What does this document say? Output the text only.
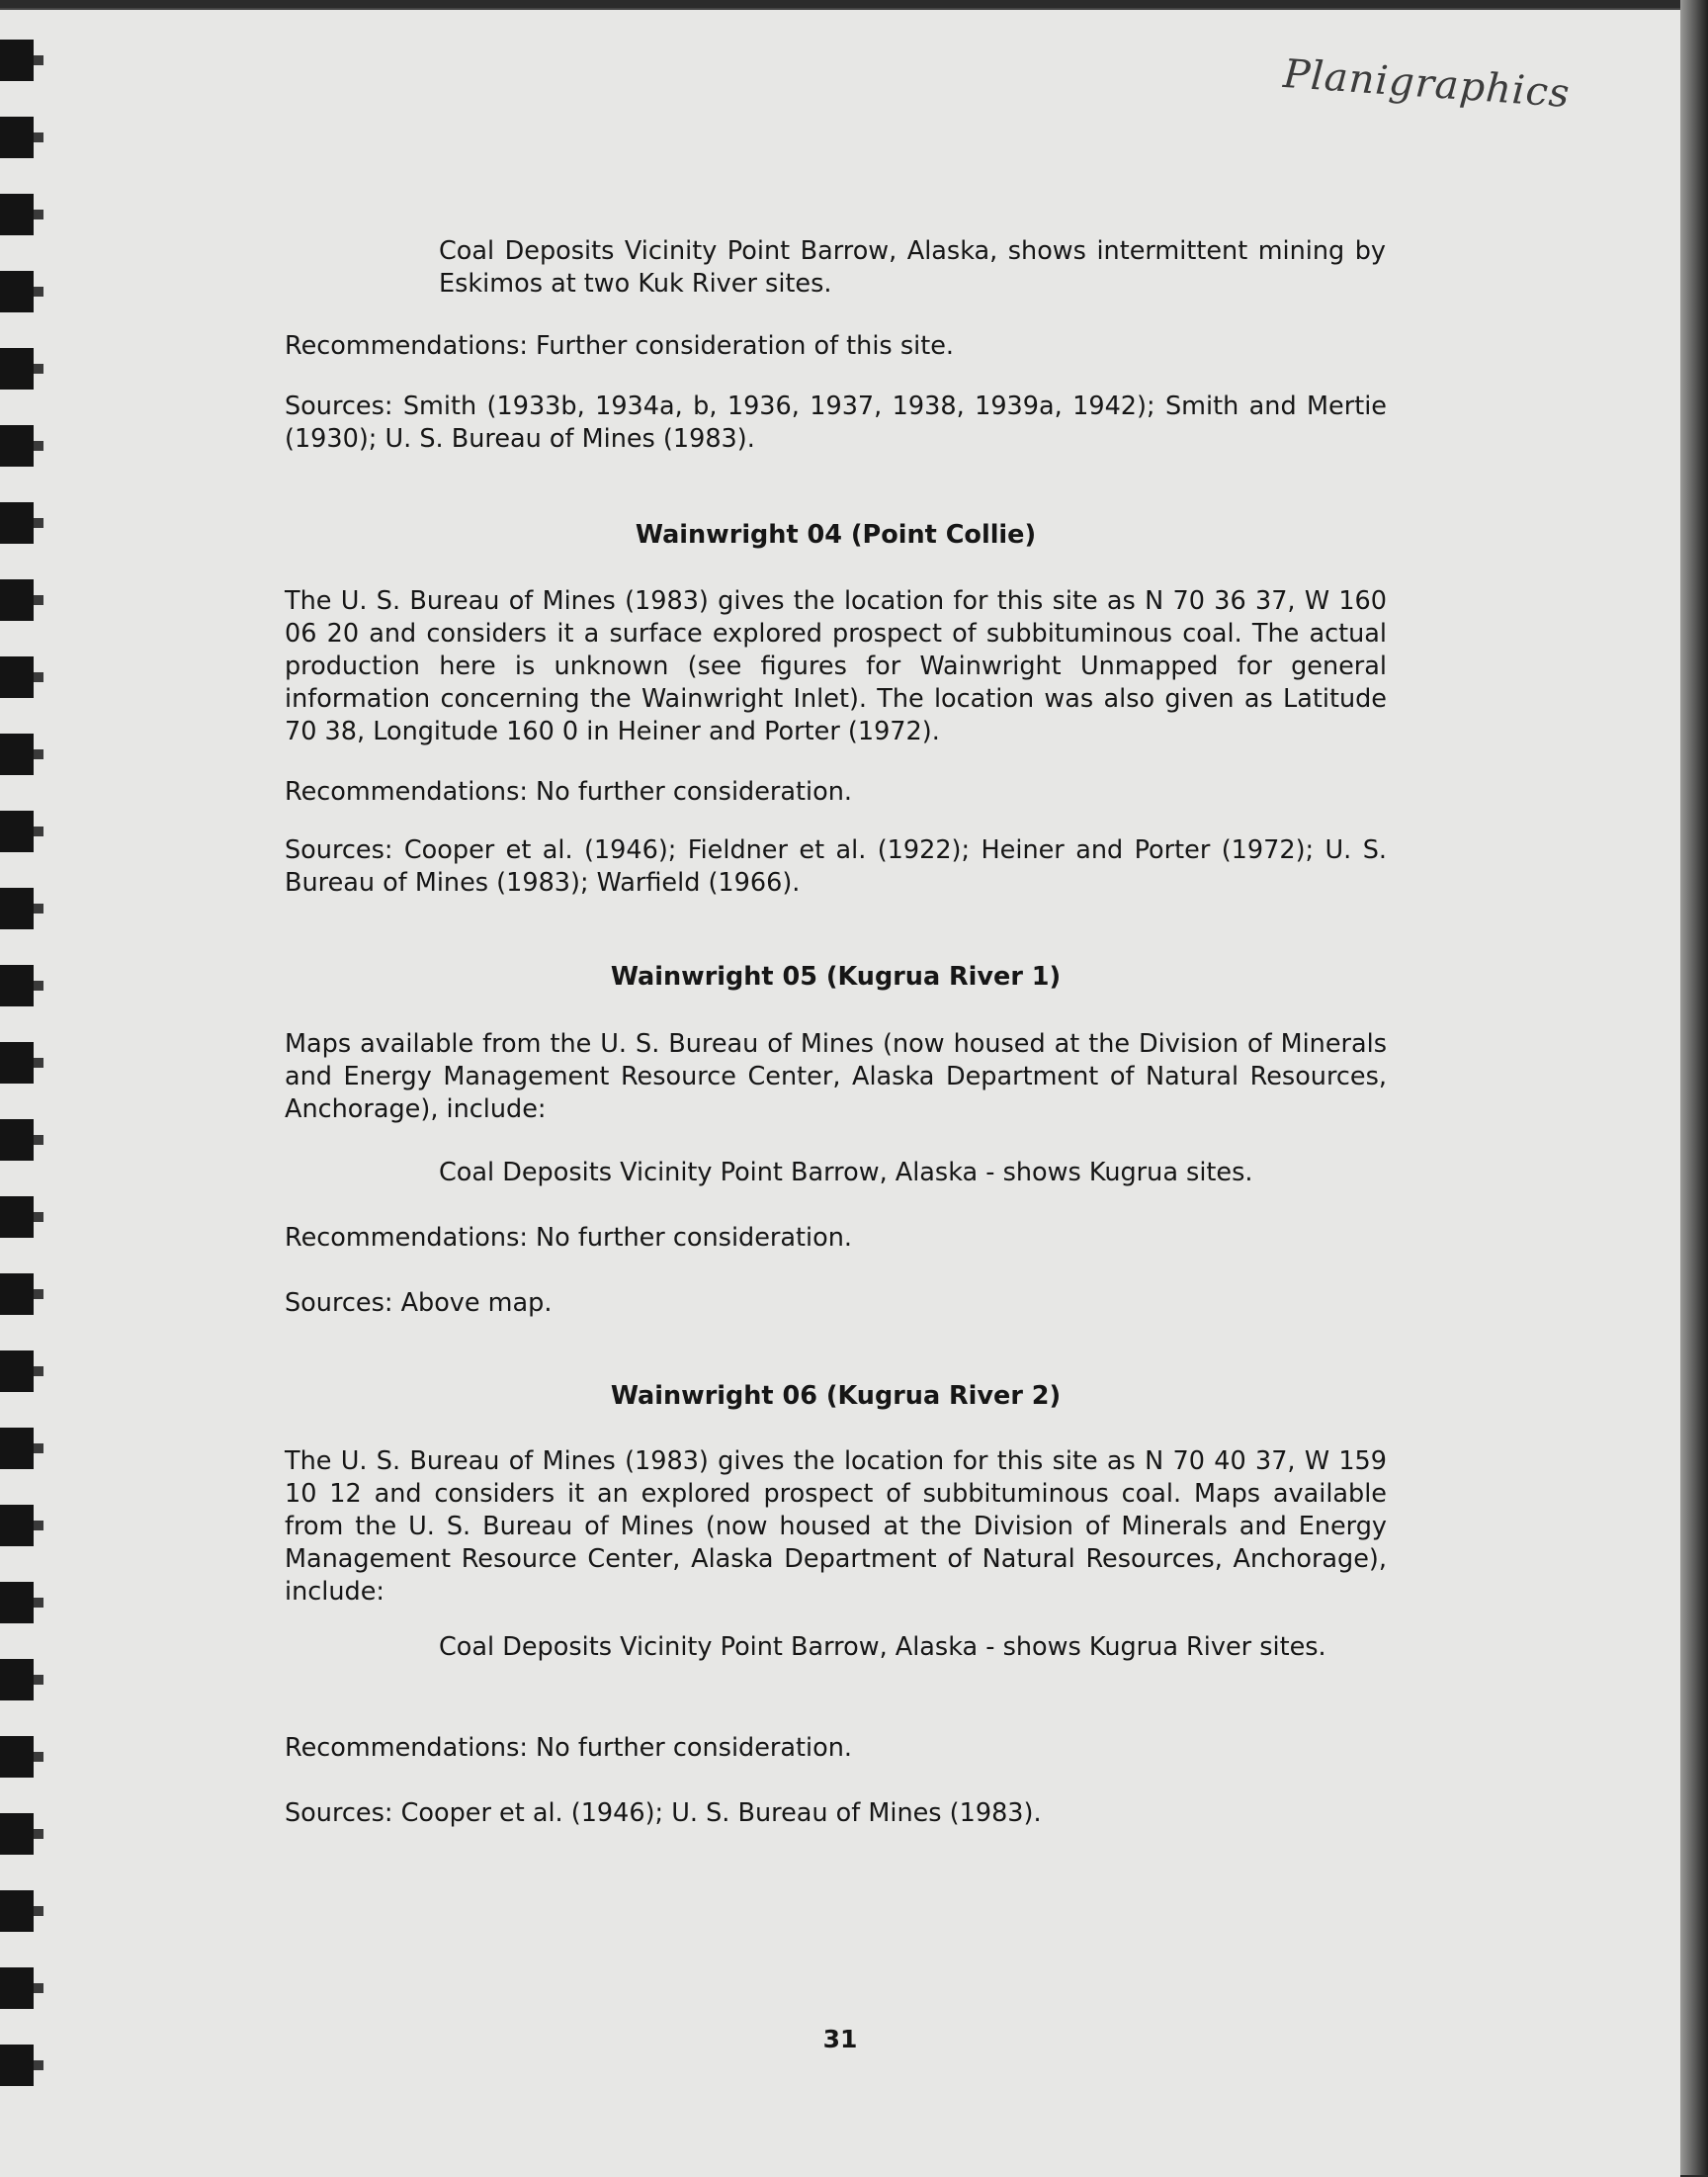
Planigraphics
Coal Deposits Vicinity Point Barrow, Alaska, shows intermittent mining by Eskimos at two Kuk River sites.
Recommendations: Further consideration of this site.
Sources: Smith (1933b, 1934a, b, 1936, 1937, 1938, 1939a, 1942); Smith and Mertie (1930); U. S. Bureau of Mines (1983).
Wainwright 04 (Point Collie)
The U. S. Bureau of Mines (1983) gives the location for this site as N 70 36 37, W 160 06 20 and considers it a surface explored prospect of subbituminous coal. The actual production here is unknown (see figures for Wainwright Unmapped for general information concerning the Wainwright Inlet). The location was also given as Latitude 70 38, Longitude 160 0 in Heiner and Porter (1972).
Recommendations: No further consideration.
Sources: Cooper et al. (1946); Fieldner et al. (1922); Heiner and Porter (1972); U. S. Bureau of Mines (1983); Warfield (1966).
Wainwright 05 (Kugrua River 1)
Maps available from the U. S. Bureau of Mines (now housed at the Division of Minerals and Energy Management Resource Center, Alaska Department of Natural Resources, Anchorage), include:
Coal Deposits Vicinity Point Barrow, Alaska - shows Kugrua sites.
Recommendations: No further consideration.
Sources: Above map.
Wainwright 06 (Kugrua River 2)
The U. S. Bureau of Mines (1983) gives the location for this site as N 70 40 37, W 159 10 12 and considers it an explored prospect of subbituminous coal. Maps available from the U. S. Bureau of Mines (now housed at the Division of Minerals and Energy Management Resource Center, Alaska Department of Natural Resources, Anchorage), include:
Coal Deposits Vicinity Point Barrow, Alaska - shows Kugrua River sites.
Recommendations: No further consideration.
Sources: Cooper et al. (1946); U. S. Bureau of Mines (1983).
31
